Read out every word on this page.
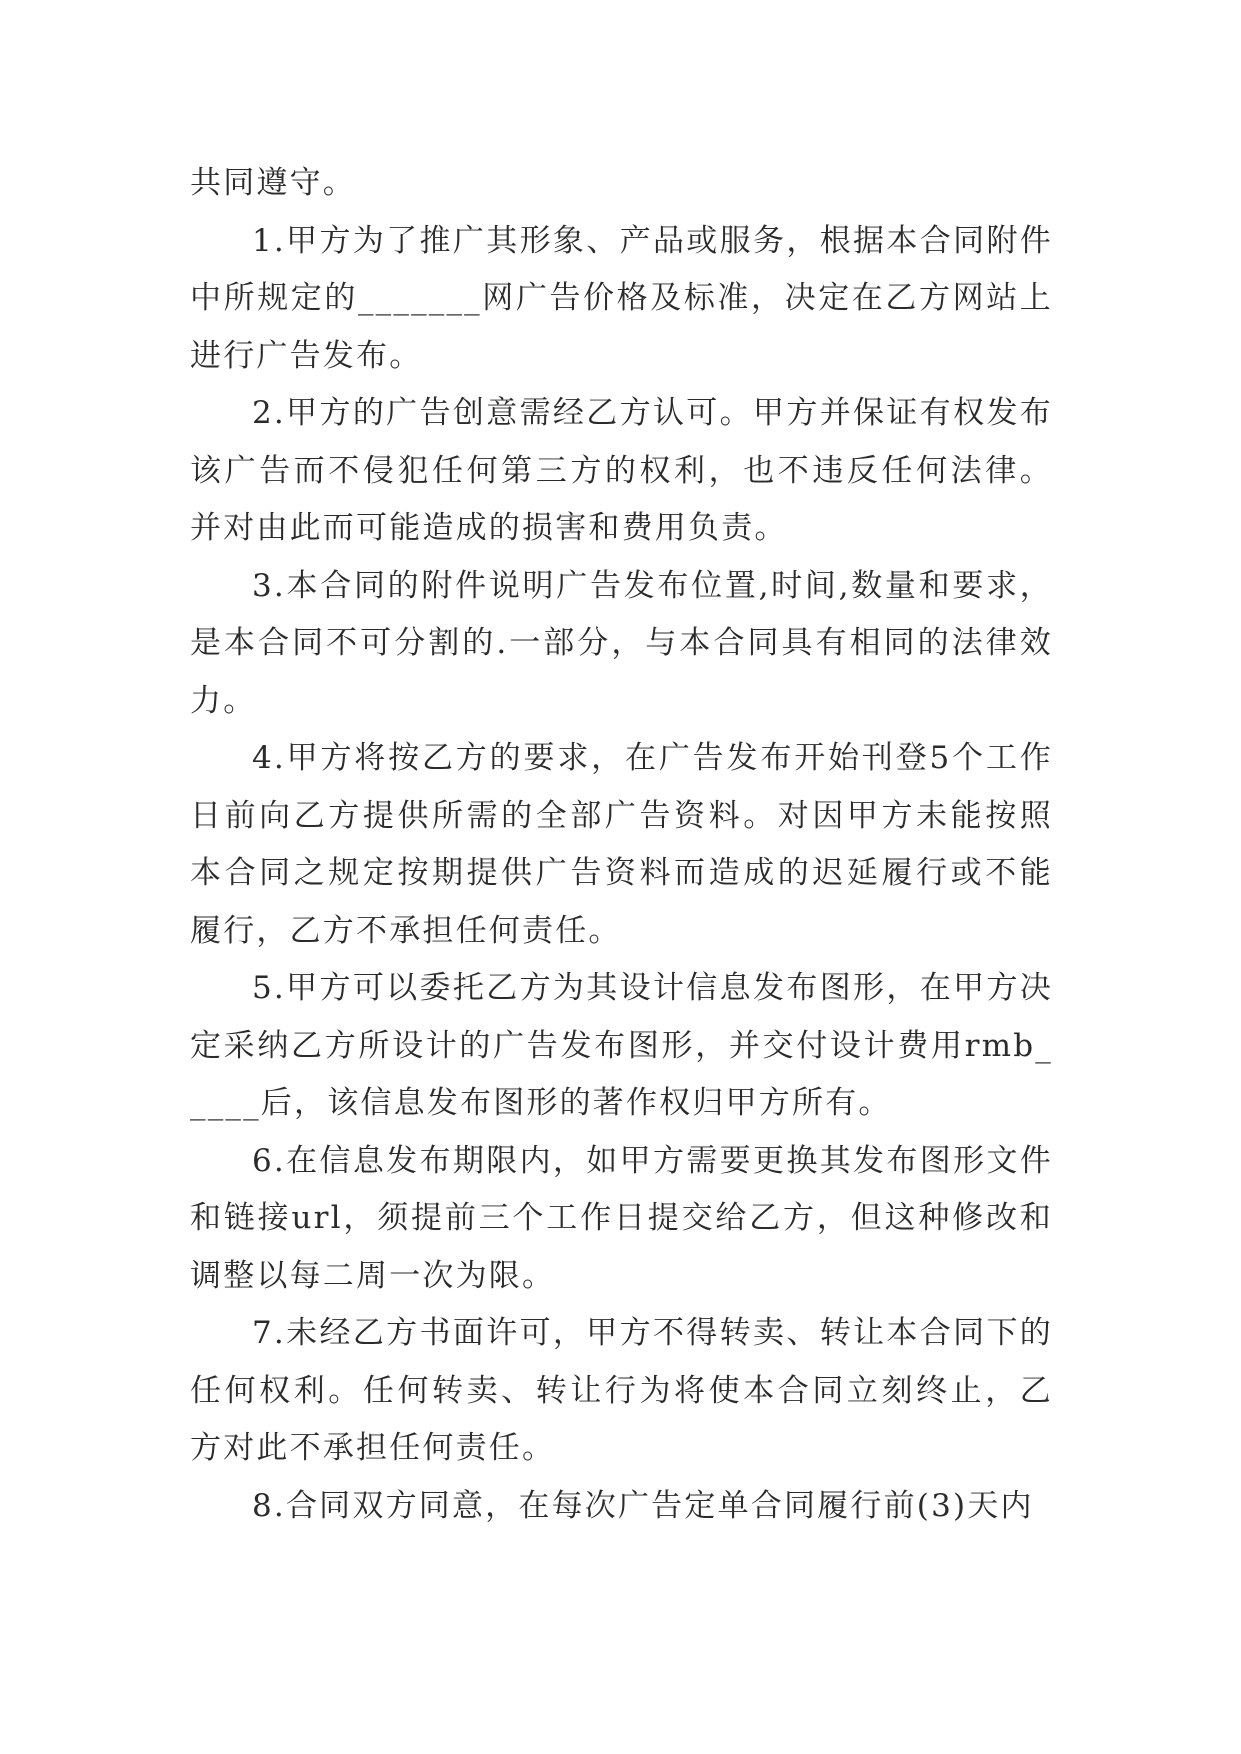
共同遵守。

1.甲方为了推广其形象、产品或服务，根据本合同附件中所规定的_______网广告价格及标准，决定在乙方网站上进行广告发布。

2.甲方的广告创意需经乙方认可。甲方并保证有权发布该广告而不侵犯任何第三方的权利，也不违反任何法律。并对由此而可能造成的损害和费用负责。

3.本合同的附件说明广告发布位置,时间,数量和要求，是本合同不可分割的.一部分，与本合同具有相同的法律效力。

4.甲方将按乙方的要求，在广告发布开始刊登5个工作日前向乙方提供所需的全部广告资料。对因甲方未能按照本合同之规定按期提供广告资料而造成的迟延履行或不能履行，乙方不承担任何责任。

5.甲方可以委托乙方为其设计信息发布图形，在甲方决定采纳乙方所设计的广告发布图形，并交付设计费用rmb_____后，该信息发布图形的著作权归甲方所有。

6.在信息发布期限内，如甲方需要更换其发布图形文件和链接url，须提前三个工作日提交给乙方，但这种修改和调整以每二周一次为限。

7.未经乙方书面许可，甲方不得转卖、转让本合同下的任何权利。任何转卖、转让行为将使本合同立刻终止，乙方对此不承担任何责任。

8.合同双方同意，在每次广告定单合同履行前(3)天内
